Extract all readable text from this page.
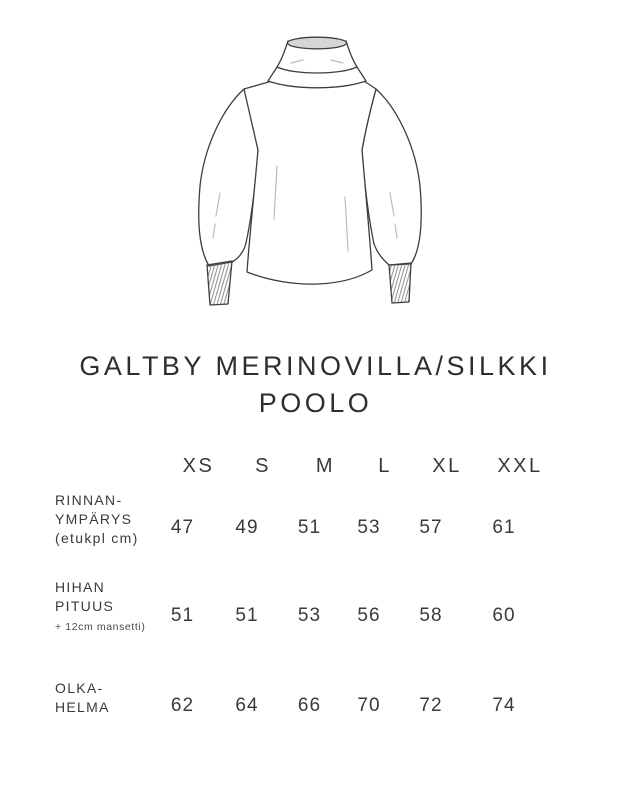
GALTBY MERINOVILLA/SILKKI
POOLO
XS	S	M	L	XL	XXL
RINNAN-
YMPÄRYS
(etukpl cm)
47	49	51	53	57	61
HIHAN
PITUUS
+ 12cm mansetti)
51	51	53	56	58	60
OLKA-
HELMA	62	64	66	70	72	74
